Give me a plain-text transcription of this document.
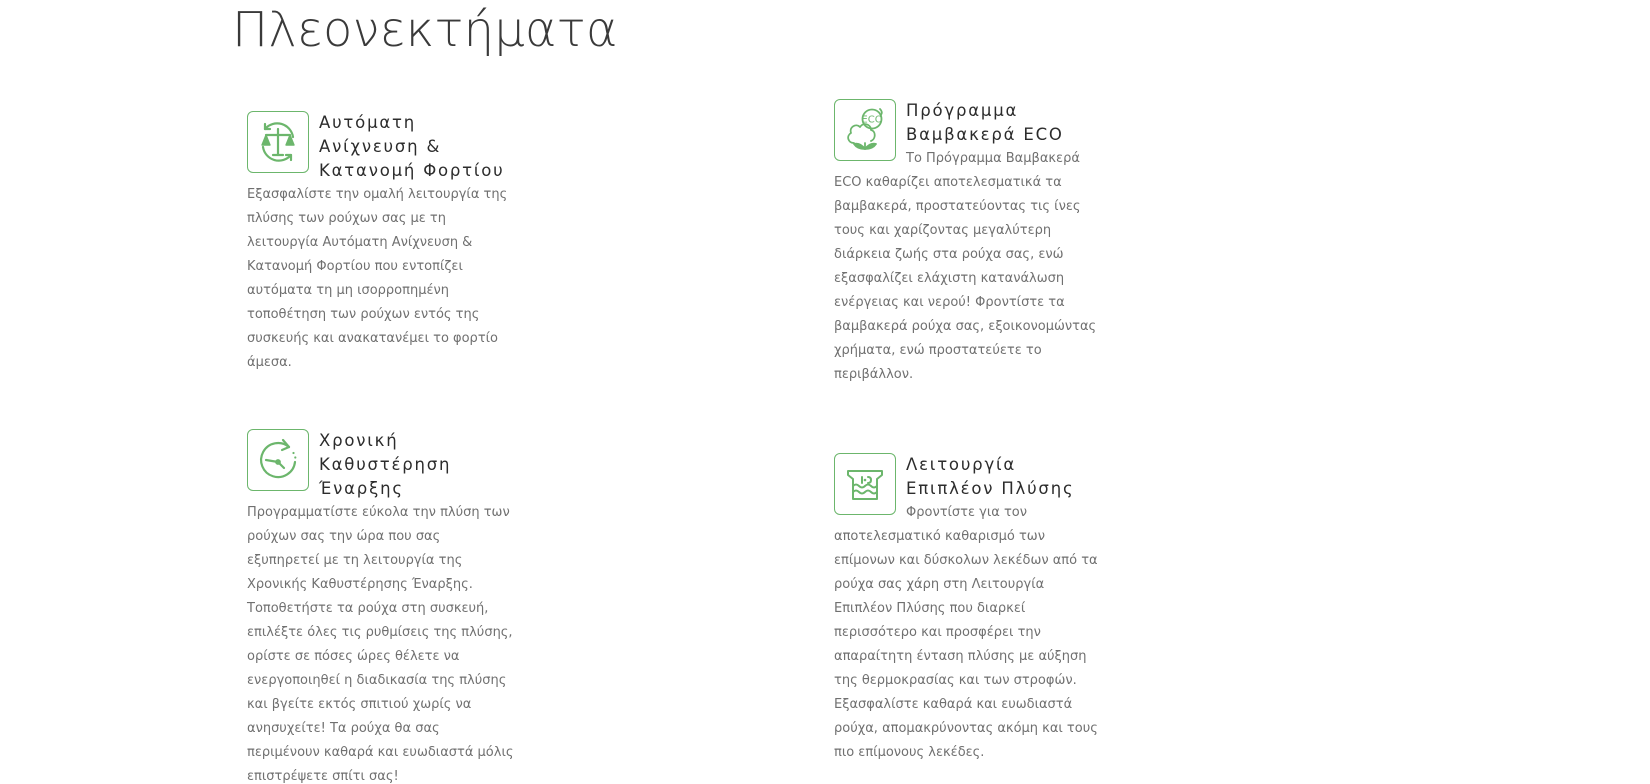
Πλεονεκτήματα
Αυτόματη Ανίχνευση & Κατανομή Φορτίου

Εξασφαλίστε την ομαλή λειτουργία της πλύσης των ρούχων σας με τη λειτουργία Αυτόματη Ανίχνευση & Κατανομή Φορτίου που εντοπίζει αυτόματα τη μη ισορροπημένη τοποθέτηση των ρούχων εντός της συσκευής και ανακατανέμει το φορτίο άμεσα.

ECO	Πρόγραμμα Βαμβακερά ECO

Το Πρόγραμμα Βαμβακερά ECO καθαρίζει αποτελεσματικά τα βαμβακερά, προστατεύοντας τις ίνες τους και χαρίζοντας μεγαλύτερη διάρκεια ζωής στα ρούχα σας, ενώ εξασφαλίζει ελάχιστη κατανάλωση ενέργειας και νερού! Φροντίστε τα βαμβακερά ρούχα σας, εξοικονομώντας χρήματα, ενώ προστατεύετε το περιβάλλον.

Χρονική Καθυστέρηση Έναρξης

Προγραμματίστε εύκολα την πλύση των ρούχων σας την ώρα που σας εξυπηρετεί με τη λειτουργία της Χρονικής Καθυστέρησης Έναρξης. Τοποθετήστε τα ρούχα στη συσκευή, επιλέξτε όλες τις ρυθμίσεις της πλύσης, ορίστε σε πόσες ώρες θέλετε να ενεργοποιηθεί η διαδικασία της πλύσης και βγείτε εκτός σπιτιού χωρίς να ανησυχείτε! Τα ρούχα θα σας περιμένουν καθαρά και ευωδιαστά μόλις επιστρέψετε σπίτι σας!

Λειτουργία Επιπλέον Πλύσης

Φροντίστε για τον αποτελεσματικό καθαρισμό των επίμονων και δύσκολων λεκέδων από τα ρούχα σας χάρη στη Λειτουργία Επιπλέον Πλύσης που διαρκεί περισσότερο και προσφέρει την απαραίτητη ένταση πλύσης με αύξηση της θερμοκρασίας και των στροφών. Εξασφαλίστε καθαρά και ευωδιαστά ρούχα, απομακρύνοντας ακόμη και τους πιο επίμονους λεκέδες.
